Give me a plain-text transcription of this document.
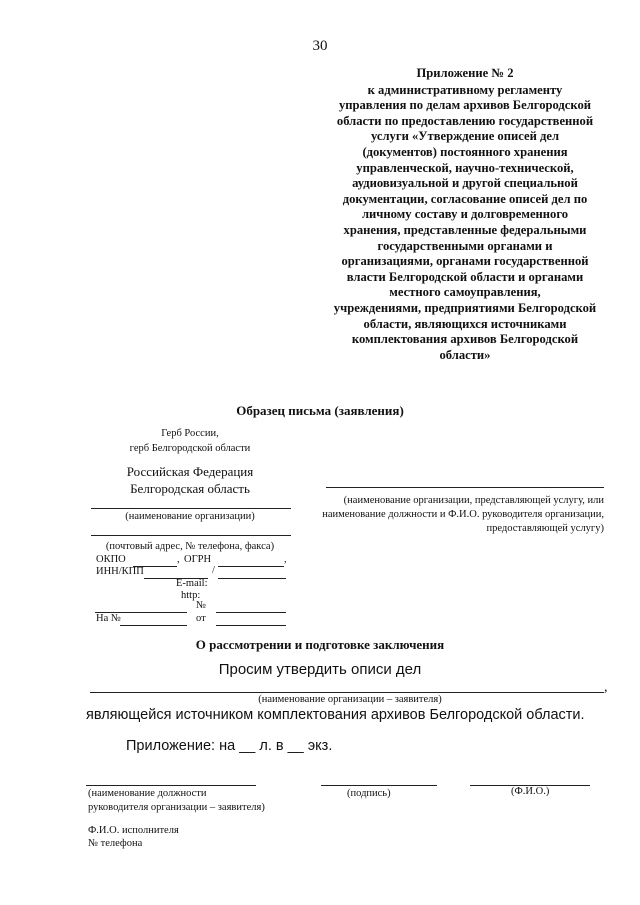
30
Приложение № 2
к административному регламенту
управления по делам архивов Белгородской
области по предоставлению государственной
услуги «Утверждение описей дел
(документов) постоянного хранения
управленческой, научно-технической,
аудиовизуальной и другой специальной
документации, согласование описей дел по
личному составу и долговременного
хранения, представленные федеральными
государственными органами и
организациями, органами государственной
власти Белгородской области и органами
местного самоуправления,
учреждениями, предприятиями Белгородской
области, являющихся источниками
комплектования архивов Белгородской
области»
Образец письма (заявления)
Герб России,
герб Белгородской области
Российская Федерация
Белгородская область
(наименование организации)
(почтовый адрес, № телефона, факса)
ОКПО	, ОГРН	,
ИНН/КПП	/
E-mail:
http:
№
На №	от
(наименование организации, представляющей услугу, или
наименование должности и Ф.И.О. руководителя организации,
предоставляющей услугу)
О рассмотрении и подготовке заключения
Просим утвердить описи дел
,
(наименование организации – заявителя)
являющейся источником комплектования архивов Белгородской области.
Приложение: на __ л. в __ экз.
(наименование должности
руководителя организации – заявителя)
(подпись)	(Ф.И.О.)
Ф.И.О. исполнителя
№ телефона
